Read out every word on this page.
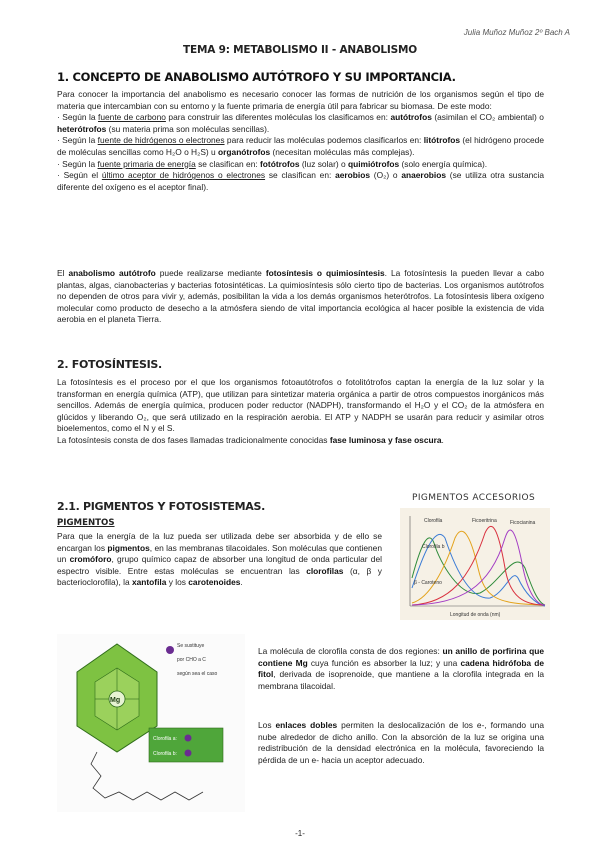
Julia Muñoz Muñoz 2º Bach A
TEMA 9: METABOLISMO II - ANABOLISMO
1. CONCEPTO DE ANABOLISMO AUTÓTROFO Y SU IMPORTANCIA.

Para conocer la importancia del anabolismo es necesario conocer las formas de nutrición de los organismos según el tipo de materia que intercambian con su entorno y la fuente primaria de energía útil para fabricar su biomasa. De este modo:

· Según la fuente de carbono para construir las diferentes moléculas los clasificamos en: autótrofos (asimilan el CO₂ ambiental) o heterótrofos (su materia prima son moléculas sencillas).

· Según la fuente de hidrógenos o electrones para reducir las moléculas podemos clasificarlos en: litótrofos (el hidrógeno procede de moléculas sencillas como H₂O o H₂S) u organótrofos (necesitan moléculas más complejas).

· Según la fuente primaria de energía se clasifican en: fotótrofos (luz solar) o quimiótrofos (solo energía química).

· Según el último aceptor de hidrógenos o electrones se clasifican en: aerobios (O₂) o anaerobios (se utiliza otra sustancia diferente del oxígeno es el aceptor final).

El anabolismo autótrofo puede realizarse mediante fotosíntesis o quimiosíntesis. La fotosíntesis la pueden llevar a cabo plantas, algas, cianobacterias y bacterias fotosintéticas. La quimiosíntesis sólo cierto tipo de bacterias. Los organismos autótrofos no dependen de otros para vivir y, además, posibilitan la vida a los demás organismos heterótrofos. La fotosíntesis libera oxígeno molecular como producto de desecho a la atmósfera siendo de vital importancia ecológica al hacer posible la existencia de vida aerobia en el planeta Tierra.

2. FOTOSÍNTESIS.

La fotosíntesis es el proceso por el que los organismos fotoautótrofos o fotolitótrofos captan la energía de la luz solar y la transforman en energía química (ATP), que utilizan para sintetizar materia orgánica a partir de otros compuestos inorgánicos más sencillos. Además de energía química, producen poder reductor (NADPH), transformando el H₂O y el CO₂ de la atmósfera en glúcidos y liberando O₂, que será utilizado en la respiración aerobia. El ATP y NADPH se usarán para reducir y asimilar otros bioelementos, como el N y el S.

La fotosíntesis consta de dos fases llamadas tradicionalmente conocidas fase luminosa y fase oscura.

2.1. PIGMENTOS Y FOTOSISTEMAS.
PIGMENTOS

Para que la energía de la luz pueda ser utilizada debe ser absorbida y de ello se encargan los pigmentos, en las membranas tilacoidales. Son moléculas que contienen un cromóforo, grupo químico capaz de absorber una longitud de onda particular del espectro visible. Entre estas moléculas se encuentran las clorofilas (α, β y bacterioclorofila), la xantofila y los carotenoides.

PIGMENTOS ACCESORIOS
Clorofila	Ficoeritrina	Ficocianina
Clorofila b
β - Caroteno
Longitud de onda (nm)
Mg
Se sustituye
por CHO a C
según sea el caso
Clorofila a:
Clorofila b:

La molécula de clorofila consta de dos regiones: un anillo de porfirina que contiene Mg cuya función es absorber la luz; y una cadena hidrófoba de fitol, derivada de isoprenoide, que mantiene a la clorofila integrada en la membrana tilacoidal.

Los enlaces dobles permiten la deslocalización de los e-, formando una nube alrededor de dicho anillo. Con la absorción de la luz se origina una redistribución de la densidad electrónica en la molécula, favoreciendo la pérdida de un e- hacia un aceptor adecuado.

-1-
